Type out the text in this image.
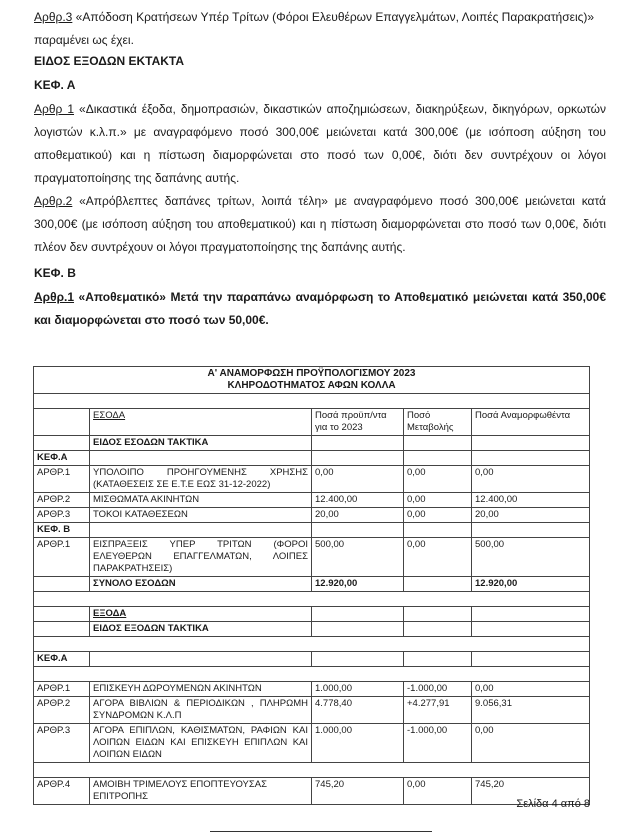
Αρθρ.3 «Απόδοση Κρατήσεων Υπέρ Τρίτων (Φόροι Ελευθέρων Επαγγελμάτων, Λοιπές Παρακρατήσεις)»

παραμένει ως έχει.

ΕΙΔΟΣ ΕΞΟΔΩΝ ΕΚΤΑΚΤΑ
ΚΕΦ. Α

Αρθρ 1 «Δικαστικά έξοδα, δημοπρασιών, δικαστικών αποζημιώσεων, διακηρύξεων, δικηγόρων, ορκωτών λογιστών κ.λ.π.» με αναγραφόμενο ποσό 300,00€ μειώνεται κατά 300,00€ (με ισόποση αύξηση του αποθεματικού) και η πίστωση διαμορφώνεται στο ποσό των 0,00€, διότι δεν συντρέχουν οι λόγοι πραγματοποίησης της δαπάνης αυτής.

Αρθρ.2 «Απρόβλεπτες δαπάνες τρίτων, λοιπά τέλη» με αναγραφόμενο ποσό 300,00€ μειώνεται κατά 300,00€ (με ισόποση αύξηση του αποθεματικού) και η πίστωση διαμορφώνεται στο ποσό των 0,00€, διότι πλέον δεν συντρέχουν οι λόγοι πραγματοποίησης της δαπάνης αυτής.

ΚΕΦ. Β

Αρθρ.1 «Αποθεματικό» Μετά την παραπάνω αναμόρφωση το Αποθεματικό μειώνεται κατά 350,00€ και διαμορφώνεται στο ποσό των 50,00€.

Α' ΑΝΑΜΟΡΦΩΣΗ ΠΡΟΫΠΟΛΟΓΙΣΜΟΥ 2023
ΚΛΗΡΟΔΟΤΗΜΑΤΟΣ ΑΦΩΝ ΚΟΛΛΑ				

	ΕΣΟΔΑ	Ποσά προϋπ/ντα για το 2023	Ποσό Μεταβολής	Ποσά Αναμορφωθέντα
	ΕΙΔΟΣ ΕΣΟΔΩΝ ΤΑΚΤΙΚΑ			
ΚΕΦ.Α				
ΑΡΘΡ.1	ΥΠΟΛΟΙΠΟ ΠΡΟΗΓΟΥΜΕΝΗΣ ΧΡΗΣΗΣ (ΚΑΤΑΘΕΣΕΙΣ ΣΕ Ε.Τ.Ε ΕΩΣ 31-12-2022)	0,00	0,00	0,00
ΑΡΘΡ.2	ΜΙΣΘΩΜΑΤΑ ΑΚΙΝΗΤΩΝ	12.400,00	0,00	12.400,00
ΑΡΘΡ.3	ΤΟΚΟΙ ΚΑΤΑΘΕΣΕΩΝ	20,00	0,00	20,00
ΚΕΦ. Β				
ΑΡΘΡ.1	ΕΙΣΠΡΑΞΕΙΣ ΥΠΕΡ ΤΡΙΤΩΝ (ΦΟΡΟΙ ΕΛΕΥΘΕΡΩΝ ΕΠΑΓΓΕΛΜΑΤΩΝ, ΛΟΙΠΕΣ ΠΑΡΑΚΡΑΤΗΣΕΙΣ)	500,00	0,00	500,00
	ΣΥΝΟΛΟ ΕΣΟΔΩΝ	12.920,00		12.920,00

	ΕΞΟΔΑ			
	ΕΙΔΟΣ ΕΞΟΔΩΝ ΤΑΚΤΙΚΑ			

ΚΕΦ.Α				

ΑΡΘΡ.1	ΕΠΙΣΚΕΥΗ ΔΩΡΟΥΜΕΝΩΝ ΑΚΙΝΗΤΩΝ	1.000,00	-1.000,00	0,00
ΑΡΘΡ.2	ΑΓΟΡΑ ΒΙΒΛΙΩΝ & ΠΕΡΙΟΔΙΚΩΝ , ΠΛΗΡΩΜΗ ΣΥΝΔΡΟΜΩΝ Κ.Λ.Π	4.778,40	+4.277,91	9.056,31
ΑΡΘΡ.3	ΑΓΟΡΑ ΕΠΙΠΛΩΝ, ΚΑΘΙΣΜΑΤΩΝ, ΡΑΦΙΩΝ ΚΑΙ ΛΟΙΠΩΝ ΕΙΔΩΝ ΚΑΙ ΕΠΙΣΚΕΥΗ ΕΠΙΠΛΩΝ ΚΑΙ ΛΟΙΠΩΝ ΕΙΔΩΝ	1.000,00	-1.000,00	0,00

ΑΡΘΡ.4	ΑΜΟΙΒΗ ΤΡΙΜΕΛΟΥΣ ΕΠΟΠΤΕΥΟΥΣΑΣ ΕΠΙΤΡΟΠΗΣ	745,20	0,00	745,20
Σελίδα 4 από 8
